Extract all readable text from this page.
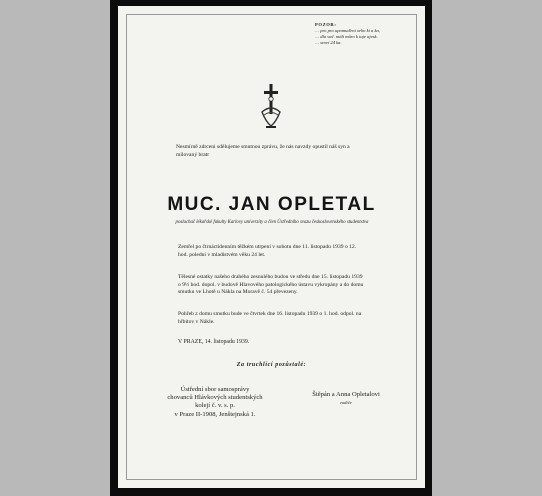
POZOR:
… pro pro upomuďeni orko ki a ka,
… dla vač. máli můro k tuje ajvsk.
… sroví 24 ka.
Nesmírně zdrceni sdělujeme smutnou zprávu, že nás navzdy opustil náš syn a milovaný bratr
MUC. JAN OPLETAL
posluchač lékařské fakulty Karlovy univerzity a člen Ústředního svazu československého studentstva
Zemřel po čtrnáctidenním těžkém utrpení v sobotu dne 11. listopadu 1939 o 12. hod. polední v mladistvém věku 24 let.
Tělesné ostatky našeho drahého zesnulého budou ve středu dne 15. listopadu 1939 o 9½ hod. dopol. v budově Hlavového patologického ústavu vykropány a do domu smutku ve Lhotě u Nákla na Moravě č. 54 převezeny.
Pohřeb z domu smutku bude ve čtvrtek dne 16. listopadu 1939 o 1. hod. odpol. na hřbitov v Nákle.
V PRAZE, 14. listopadu 1939.
Za truchlící pozůstalé:
Ústřední sbor samosprávy
chovanců Hlávkových studentských
kolejí č. v. s. p.
v Praze II-1908, Jenštejnská 1.
Štěpán a Anna Opletalovi
rodiče
